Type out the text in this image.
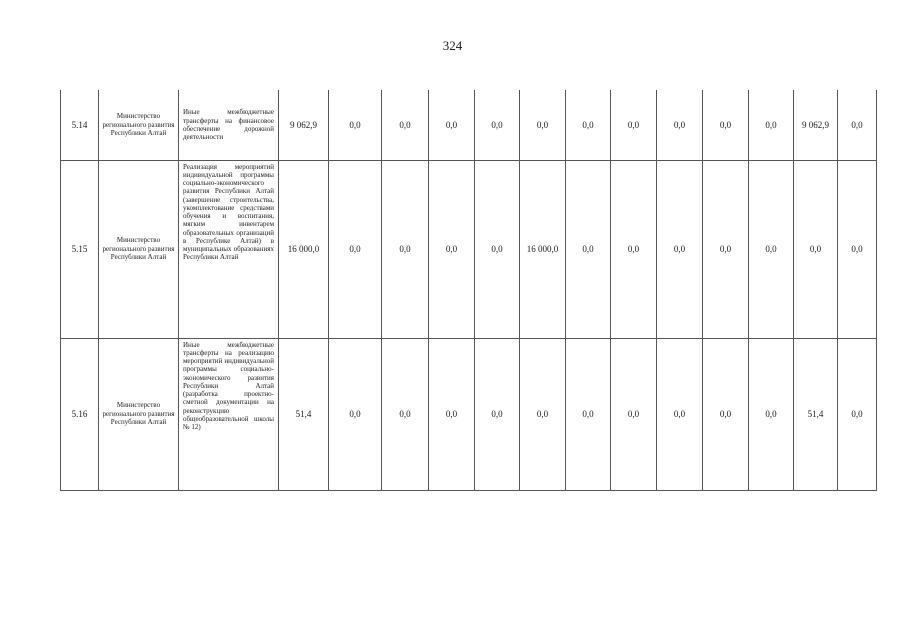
324
5.14	Министерство регионального развития Республики Алтай	Иные межбюджетные трансферты на финансовое обеспечение дорожной деятельности	9 062,9	0,0	0,0	0,0	0,0	0,0	0,0	0,0	0,0	0,0	0,0	9 062,9	0,0
5.15	Министерство регионального развития Республики Алтай	Реализация мероприятий индивидуальной программы социально-экономического развития Республики Алтай (завершение строительства, укомплектование средствами обучения и воспитания, мягким инвентарем образовательных организаций в Республике Алтай) в муниципальных образованиях Республики Алтай	16 000,0	0,0	0,0	0,0	0,0	16 000,0	0,0	0,0	0,0	0,0	0,0	0,0	0,0
5.16	Министерство регионального развития Республики Алтай	Иные межбюджетные трансферты на реализацию мероприятий индивидуальной программы социально-экономического развития Республики Алтай (разработка проектно-сметной документации на реконструкцию общеобразовательной школы № 12)	51,4	0,0	0,0	0,0	0,0	0,0	0,0	0,0	0,0	0,0	0,0	51,4	0,0
